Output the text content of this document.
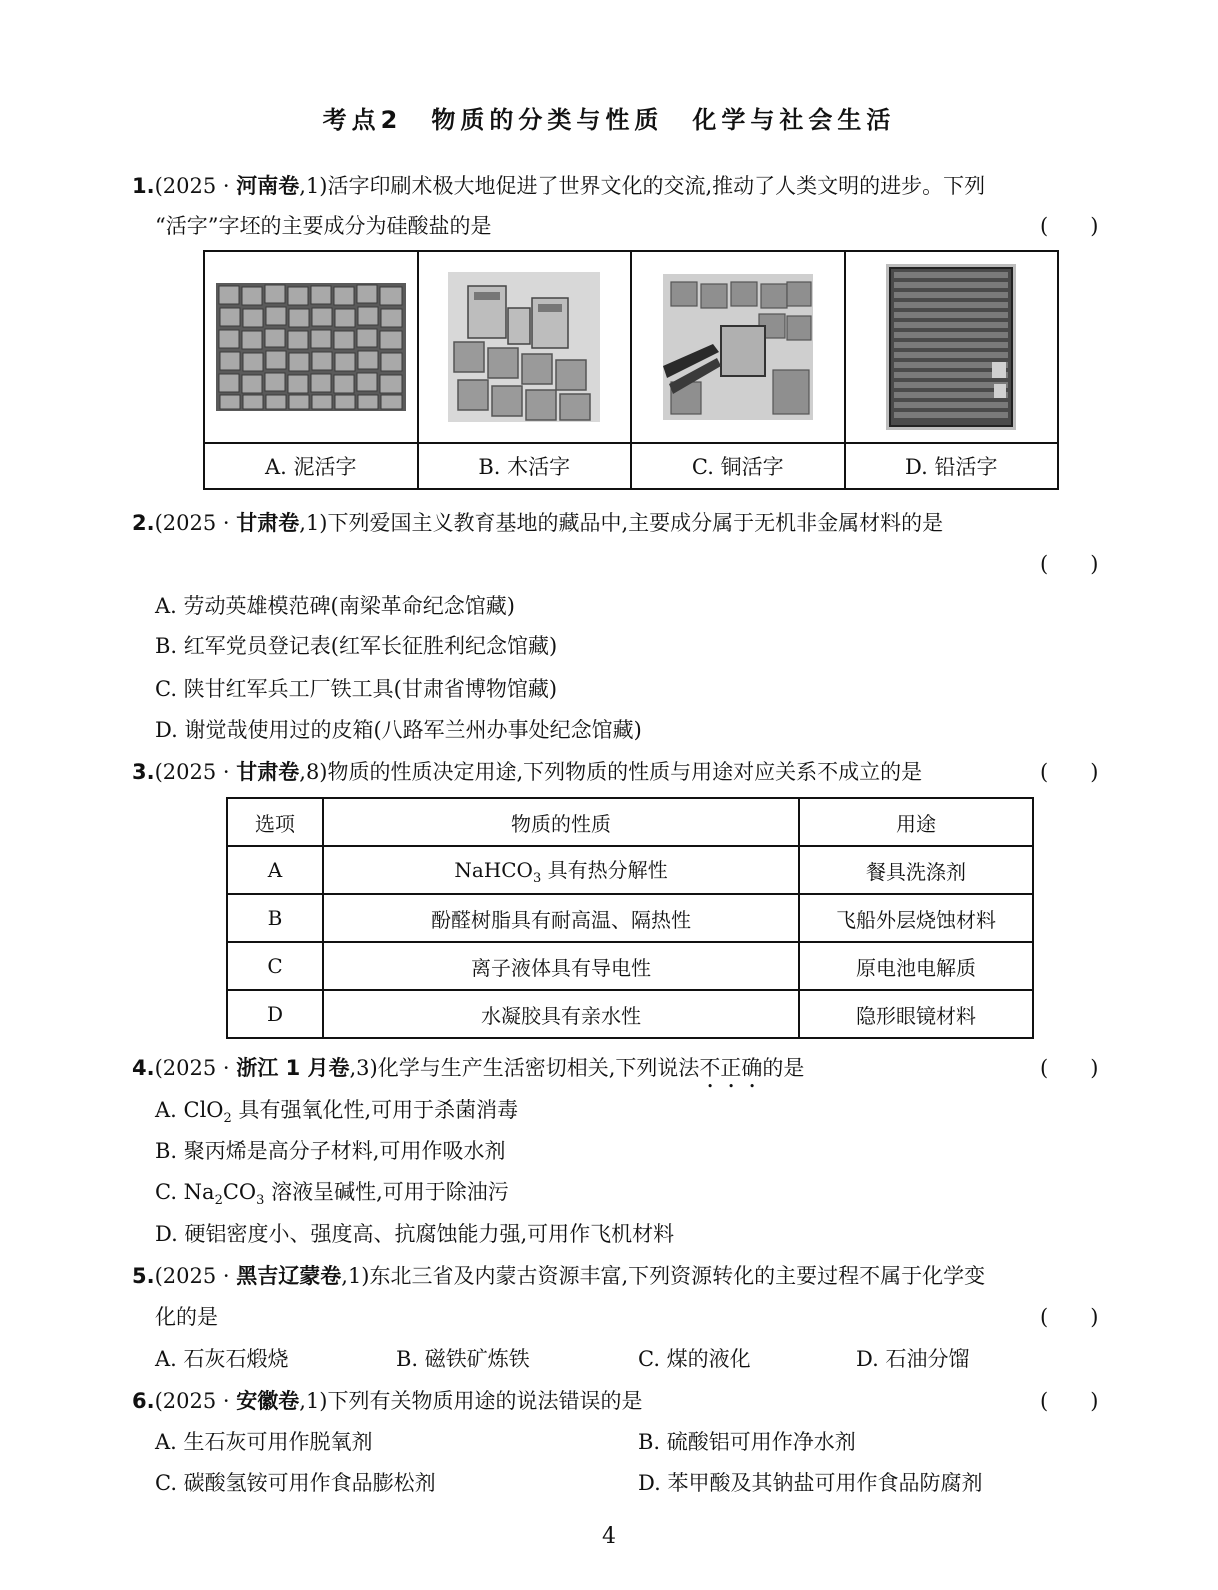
考点2　物质的分类与性质　化学与社会生活
1.(2025 · 河南卷,1)活字印刷术极大地促进了世界文化的交流,推动了人类文明的进步。下列
“活字”字坯的主要成分为硅酸盐的是	(　　)

A. 泥活字	B. 木活字	C. 铜活字	D. 铅活字
2.(2025 · 甘肃卷,1)下列爱国主义教育基地的藏品中,主要成分属于无机非金属材料的是
(　　)
A. 劳动英雄模范碑(南梁革命纪念馆藏)
B. 红军党员登记表(红军长征胜利纪念馆藏)
C. 陕甘红军兵工厂铁工具(甘肃省博物馆藏)
D. 谢觉哉使用过的皮箱(八路军兰州办事处纪念馆藏)
3.(2025 · 甘肃卷,8)物质的性质决定用途,下列物质的性质与用途对应关系不成立的是	(　　)
选项	物质的性质	用途
A	NaHCO$_3$ 具有热分解性	餐具洗涤剂
B	酚醛树脂具有耐高温、隔热性	飞船外层烧蚀材料
C	离子液体具有导电性	原电池电解质
D	水凝胶具有亲水性	隐形眼镜材料
4.(2025 · 浙江 1 月卷,3)化学与生产生活密切相关,下列说法不正确的是	(　　)
A. ClO$_2$ 具有强氧化性,可用于杀菌消毒
B. 聚丙烯是高分子材料,可用作吸水剂
C. $Na_2CO_3$ 溶液呈碱性,可用于除油污
D. 硬铝密度小、强度高、抗腐蚀能力强,可用作飞机材料
5.(2025 · 黑吉辽蒙卷,1)东北三省及内蒙古资源丰富,下列资源转化的主要过程不属于化学变
化的是	(　　)
A. 石灰石煅烧	B. 磁铁矿炼铁	C. 煤的液化	D. 石油分馏
6.(2025 · 安徽卷,1)下列有关物质用途的说法错误的是	(　　)
A. 生石灰可用作脱氧剂	B. 硫酸铝可用作净水剂
C. 碳酸氢铵可用作食品膨松剂	D. 苯甲酸及其钠盐可用作食品防腐剂
4
